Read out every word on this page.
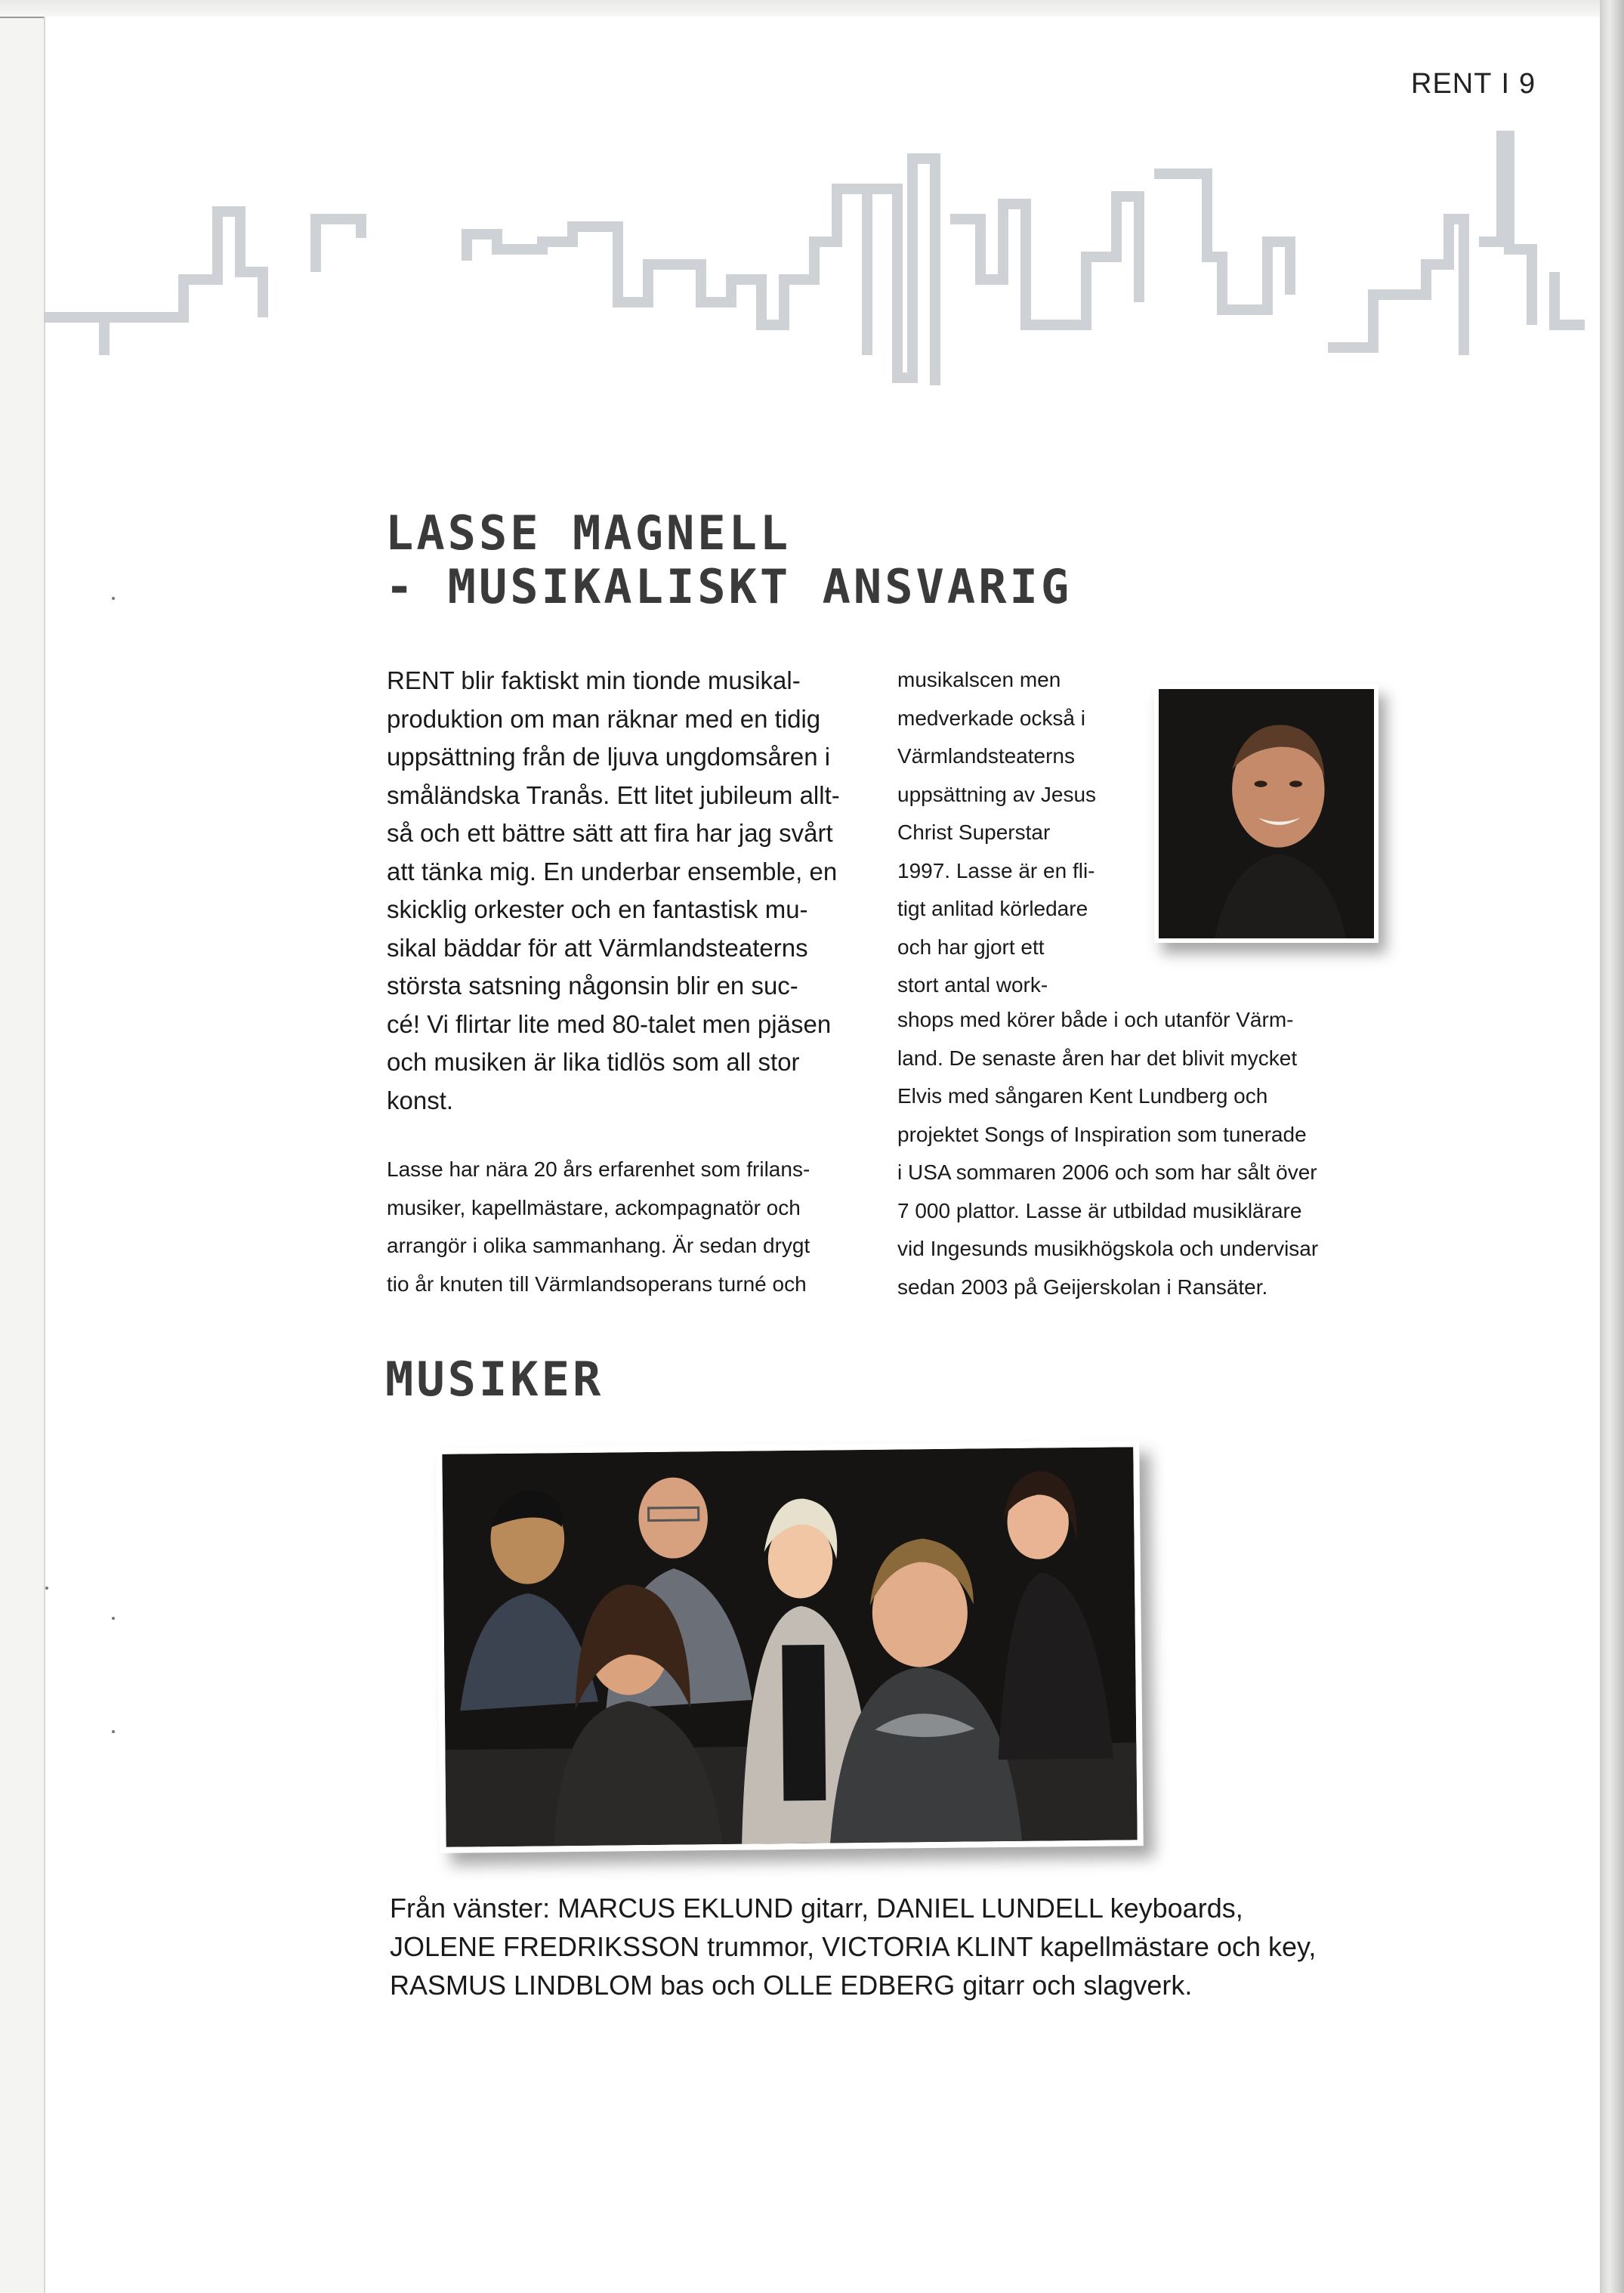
RENT I 9
LASSE MAGNELL
- MUSIKALISKT ANSVARIG

RENT blir faktiskt min tionde musikal-
produktion om man räknar med en tidig
uppsättning från de ljuva ungdomsåren i
småländska Tranås. Ett litet jubileum allt-
så och ett bättre sätt att fira har jag svårt
att tänka mig. En underbar ensemble, en
skicklig orkester och en fantastisk mu-
sikal bäddar för att Värmlandsteaterns
största satsning någonsin blir en suc-
cé! Vi flirtar lite med 80-talet men pjäsen
och musiken är lika tidlös som all stor
konst.

Lasse har nära 20 års erfarenhet som frilans-
musiker, kapellmästare, ackompagnatör och
arrangör i olika sammanhang. Är sedan drygt
tio år knuten till Värmlandsoperans turné och
musikalscen men
medverkade också i
Värmlandsteaterns
uppsättning av Jesus
Christ Superstar
1997. Lasse är en fli-
tigt anlitad körledare
och har gjort ett
stort antal work-
shops med körer både i och utanför Värm-
land. De senaste åren har det blivit mycket
Elvis med sångaren Kent Lundberg och
projektet Songs of Inspiration som tunerade
i USA sommaren 2006 och som har sålt över
7 000 plattor. Lasse är utbildad musiklärare
vid Ingesunds musikhögskola och undervisar
sedan 2003 på Geijerskolan i Ransäter.
MUSIKER
Från vänster: MARCUS EKLUND gitarr, DANIEL LUNDELL keyboards,
JOLENE FREDRIKSSON trummor, VICTORIA KLINT kapellmästare och key,
RASMUS LINDBLOM bas och OLLE EDBERG gitarr och slagverk.
